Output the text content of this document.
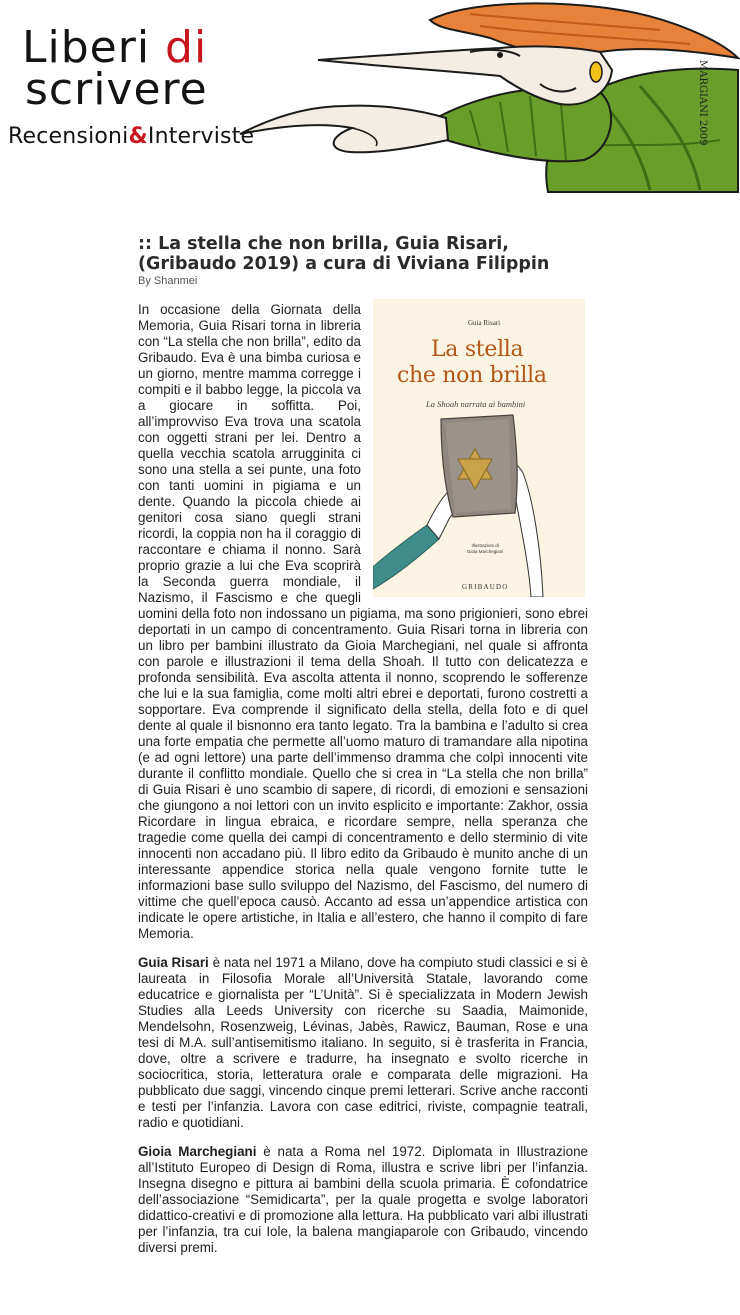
Liberi di
scrivere
Recensioni&Interviste	MARGIANI 2009
:: La stella che non brilla, Guia Risari, (Gribaudo 2019) a cura di Viviana Filippin
By Shanmei
Guia Risari
La stella
che non brilla
La Shoah narrata ai bambini
Illustrazioni di
Gioia Marchegiani
GRIBAUDO

In occasione della Giornata della Memoria, Guia Risari torna in libreria con “La stella che non brilla”, edito da Gribaudo. Eva è una bimba curiosa e un giorno, mentre mamma corregge i compiti e il babbo legge, la piccola va a giocare in soffitta. Poi, all’improvviso Eva trova una scatola con oggetti strani per lei. Dentro a quella vecchia scatola arrugginita ci sono una stella a sei punte, una foto con tanti uomini in pigiama e un dente. Quando la piccola chiede ai genitori cosa siano quegli strani ricordi, la coppia non ha il coraggio di raccontare e chiama il nonno. Sarà proprio grazie a lui che Eva scoprirà la Seconda guerra mondiale, il Nazismo, il Fascismo e che quegli uomini della foto non indossano un pigiama, ma sono prigionieri, sono ebrei deportati in un campo di concentramento. Guia Risari torna in libreria con un libro per bambini illustrato da Gioia Marchegiani, nel quale si affronta con parole e illustrazioni il tema della Shoah. Il tutto con delicatezza e profonda sensibilità. Eva ascolta attenta il nonno, scoprendo le sofferenze che lui e la sua famiglia, come molti altri ebrei e deportati, furono costretti a sopportare. Eva comprende il significato della stella, della foto e di quel dente al quale il bisnonno era tanto legato. Tra la bambina e l’adulto si crea una forte empatia che permette all’uomo maturo di tramandare alla nipotina (e ad ogni lettore) una parte dell’immenso dramma che colpì innocenti vite durante il conflitto mondiale. Quello che si crea in “La stella che non brilla” di Guia Risari è uno scambio di sapere, di ricordi, di emozioni e sensazioni che giungono a noi lettori con un invito esplicito e importante: Zakhor, ossia Ricordare in lingua ebraica, e ricordare sempre, nella speranza che tragedie come quella dei campi di concentramento e dello sterminio di vite innocenti non accadano più. Il libro edito da Gribaudo è munito anche di un interessante appendice storica nella quale vengono fornite tutte le informazioni base sullo sviluppo del Nazismo, del Fascismo, del numero di vittime che quell’epoca causò. Accanto ad essa un’appendice artistica con indicate le opere artistiche, in Italia e all’estero, che hanno il compito di fare Memoria.

Guia Risari è nata nel 1971 a Milano, dove ha compiuto studi classici e si è laureata in Filosofia Morale all’Università Statale, lavorando come educatrice e giornalista per “L’Unità”. Si è specializzata in Modern Jewish Studies alla Leeds University con ricerche su Saadia, Maimonide, Mendelsohn, Rosenzweig, Lévinas, Jabès, Rawicz, Bauman, Rose e una tesi di M.A. sull’antisemitismo italiano. In seguito, si è trasferita in Francia, dove, oltre a scrivere e tradurre, ha insegnato e svolto ricerche in sociocritica, storia, letteratura orale e comparata delle migrazioni. Ha pubblicato due saggi, vincendo cinque premi letterari. Scrive anche racconti e testi per l’infanzia. Lavora con case editrici, riviste, compagnie teatrali, radio e quotidiani.

Gioia Marchegiani è nata a Roma nel 1972. Diplomata in Illustrazione all’Istituto Europeo di Design di Roma, illustra e scrive libri per l’infanzia. Insegna disegno e pittura ai bambini della scuola primaria. È cofondatrice dell’associazione “Semidicarta”, per la quale progetta e svolge laboratori didattico-creativi e di promozione alla lettura. Ha pubblicato vari albi illustrati per l’infanzia, tra cui Iole, la balena mangiaparole con Gribaudo, vincendo diversi premi.
